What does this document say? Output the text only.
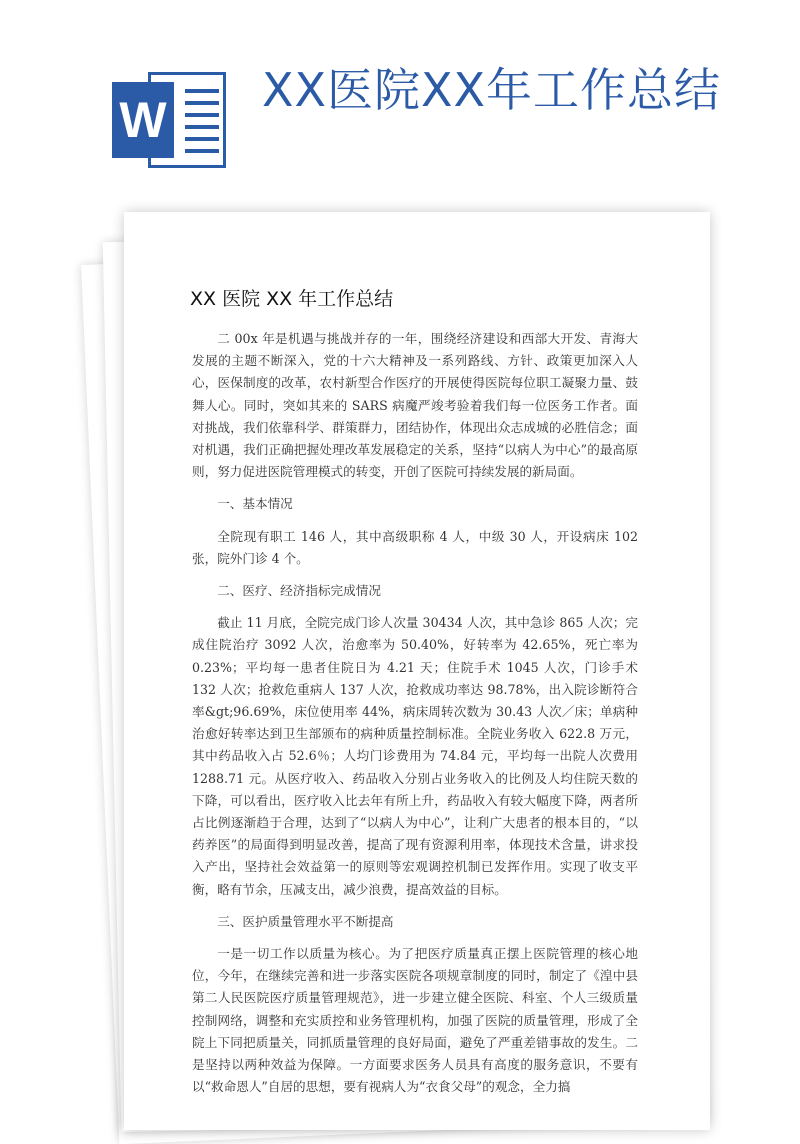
W
XX医院XX年工作总结
XX 医院 XX 年工作总结

二 00x 年是机遇与挑战并存的一年，围绕经济建设和西部大开发、青海大发展的主题不断深入，党的十六大精神及一系列路线、方针、政策更加深入人心，医保制度的改革，农村新型合作医疗的开展使得医院每位职工凝聚力量、鼓舞人心。同时，突如其来的 SARS 病魔严竣考验着我们每一位医务工作者。面对挑战，我们依靠科学、群策群力，团结协作，体现出众志成城的必胜信念；面对机遇，我们正确把握处理改革发展稳定的关系，坚持“以病人为中心”的最高原则，努力促进医院管理模式的转变，开创了医院可持续发展的新局面。

一、基本情况

全院现有职工 146 人，其中高级职称 4 人，中级 30 人，开设病床 102 张，院外门诊 4 个。

二、医疗、经济指标完成情况

截止 11 月底，全院完成门诊人次量 30434 人次，其中急诊 865 人次；完成住院治疗 3092 人次，治愈率为 50.40%，好转率为 42.65%，死亡率为 0.23%；平均每一患者住院日为 4.21 天；住院手术 1045 人次，门诊手术 132 人次；抢救危重病人 137 人次，抢救成功率达 98.78%，出入院诊断符合率&gt;96.69%，床位使用率 44%，病床周转次数为 30.43 人次／床；单病种治愈好转率达到卫生部颁布的病种质量控制标准。全院业务收入 622.8 万元，其中药品收入占 52.6％；人均门诊费用为 74.84 元，平均每一出院人次费用 1288.71 元。从医疗收入、药品收入分别占业务收入的比例及人均住院天数的下降，可以看出，医疗收入比去年有所上升，药品收入有较大幅度下降，两者所占比例逐渐趋于合理，达到了“以病人为中心”，让利广大患者的根本目的，“以药养医”的局面得到明显改善，提高了现有资源利用率，体现技术含量，讲求投入产出，坚持社会效益第一的原则等宏观调控机制已发挥作用。实现了收支平衡，略有节余，压减支出，减少浪费，提高效益的目标。

三、医护质量管理水平不断提高

一是一切工作以质量为核心。为了把医疗质量真正摆上医院管理的核心地位，今年，在继续完善和进一步落实医院各项规章制度的同时，制定了《湟中县第二人民医院医疗质量管理规范》，进一步建立健全医院、科室、个人三级质量控制网络，调整和充实质控和业务管理机构，加强了医院的质量管理，形成了全院上下同把质量关，同抓质量管理的良好局面，避免了严重差错事故的发生。二是坚持以两种效益为保障。一方面要求医务人员具有高度的服务意识，不要有以“救命恩人”自居的思想，要有视病人为“衣食父母”的观念，全力搞
